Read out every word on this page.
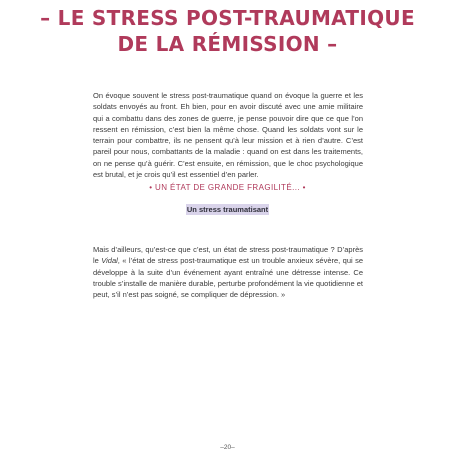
– LE STRESS POST-TRAUMATIQUE
DE LA RÉMISSION –

On évoque souvent le stress post-traumatique quand on évoque la guerre et les soldats envoyés au front. Eh bien, pour en avoir discuté avec une amie militaire qui a combattu dans des zones de guerre, je pense pouvoir dire que ce que l’on ressent en rémission, c’est bien la même chose. Quand les soldats vont sur le terrain pour combattre, ils ne pensent qu’à leur mission et à rien d’autre. C’est pareil pour nous, combattants de la maladie : quand on est dans les traitements, on ne pense qu’à guérir. C’est ensuite, en rémission, que le choc psychologique est brutal, et je crois qu’il est essentiel d’en parler.

• UN ÉTAT DE GRANDE FRAGILITÉ... •
Un stress traumatisant

Mais d’ailleurs, qu’est-ce que c’est, un état de stress post-traumatique ? D’après le Vidal, « l’état de stress post-traumatique est un trouble anxieux sévère, qui se développe à la suite d’un événement ayant entraîné une détresse intense. Ce trouble s’installe de manière durable, perturbe profondément la vie quotidienne et peut, s’il n’est pas soigné, se compliquer de dépression. »

–20–
